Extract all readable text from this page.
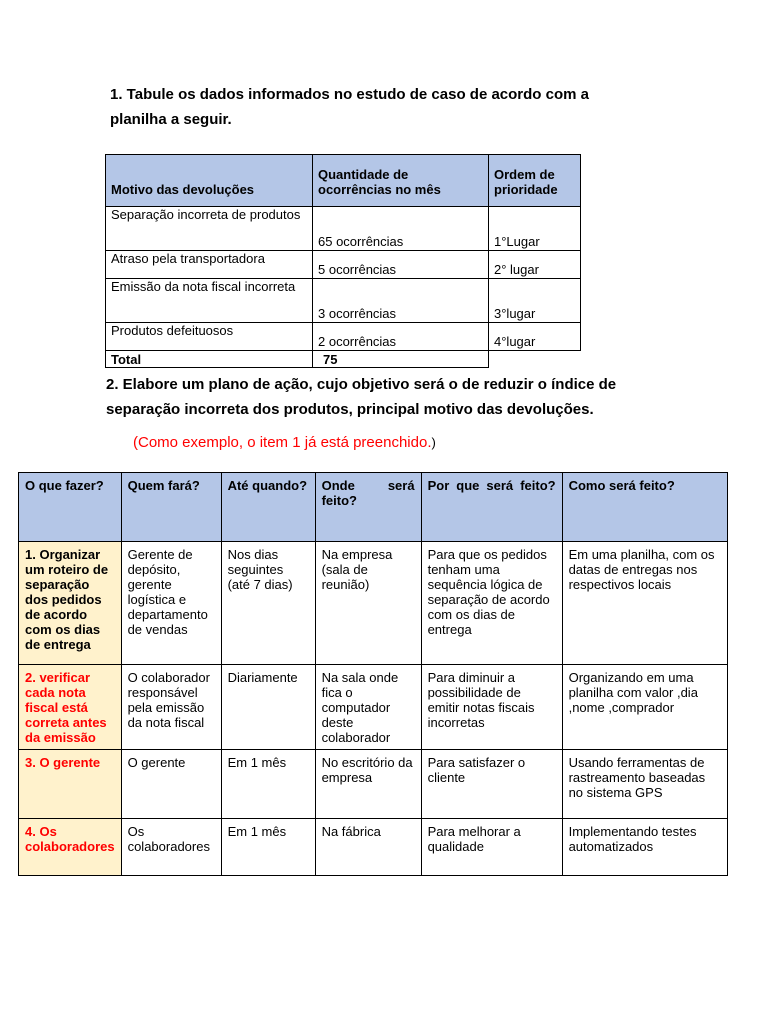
1. Tabule os dados informados no estudo de caso de acordo com a planilha a seguir.
Motivo das devoluções	Quantidade de ocorrências no mês	Ordem de prioridade
Separação incorreta de produtos	65 ocorrências	1°Lugar
Atraso pela transportadora	5 ocorrências	2° lugar
Emissão da nota fiscal incorreta	3 ocorrências	3°lugar
Produtos defeituosos	2 ocorrências	4°lugar
Total	75	
2. Elabore um plano de ação, cujo objetivo será o de reduzir o índice de separação incorreta dos produtos, principal motivo das devoluções.
(Como exemplo, o item 1 já está preenchido.)
O que fazer?	Quem fará?	Até quando?	Onde será feito?	Por que será feito?	Como será feito?
1. Organizar um roteiro de separação dos pedidos de acordo com os dias de entrega	Gerente de depósito, gerente logística e departamento de vendas	Nos dias seguintes (até 7 dias)	Na empresa (sala de reunião)	Para que os pedidos tenham uma sequência lógica de separação de acordo com os dias de entrega	Em uma planilha, com os datas de entregas nos respectivos locais
2. verificar cada nota fiscal está correta antes da emissão	O colaborador responsável pela emissão da nota fiscal	Diariamente	Na sala onde fica o computador deste colaborador	Para diminuir a possibilidade de emitir notas fiscais incorretas	Organizando em uma planilha com valor ,dia ,nome ,comprador
3. O gerente	O gerente	Em 1 mês	No escritório da empresa	Para satisfazer o cliente	Usando ferramentas de rastreamento baseadas no sistema GPS
4. Os colaboradores	Os colaboradores	Em 1 mês	Na fábrica	Para melhorar a qualidade	Implementando testes automatizados
